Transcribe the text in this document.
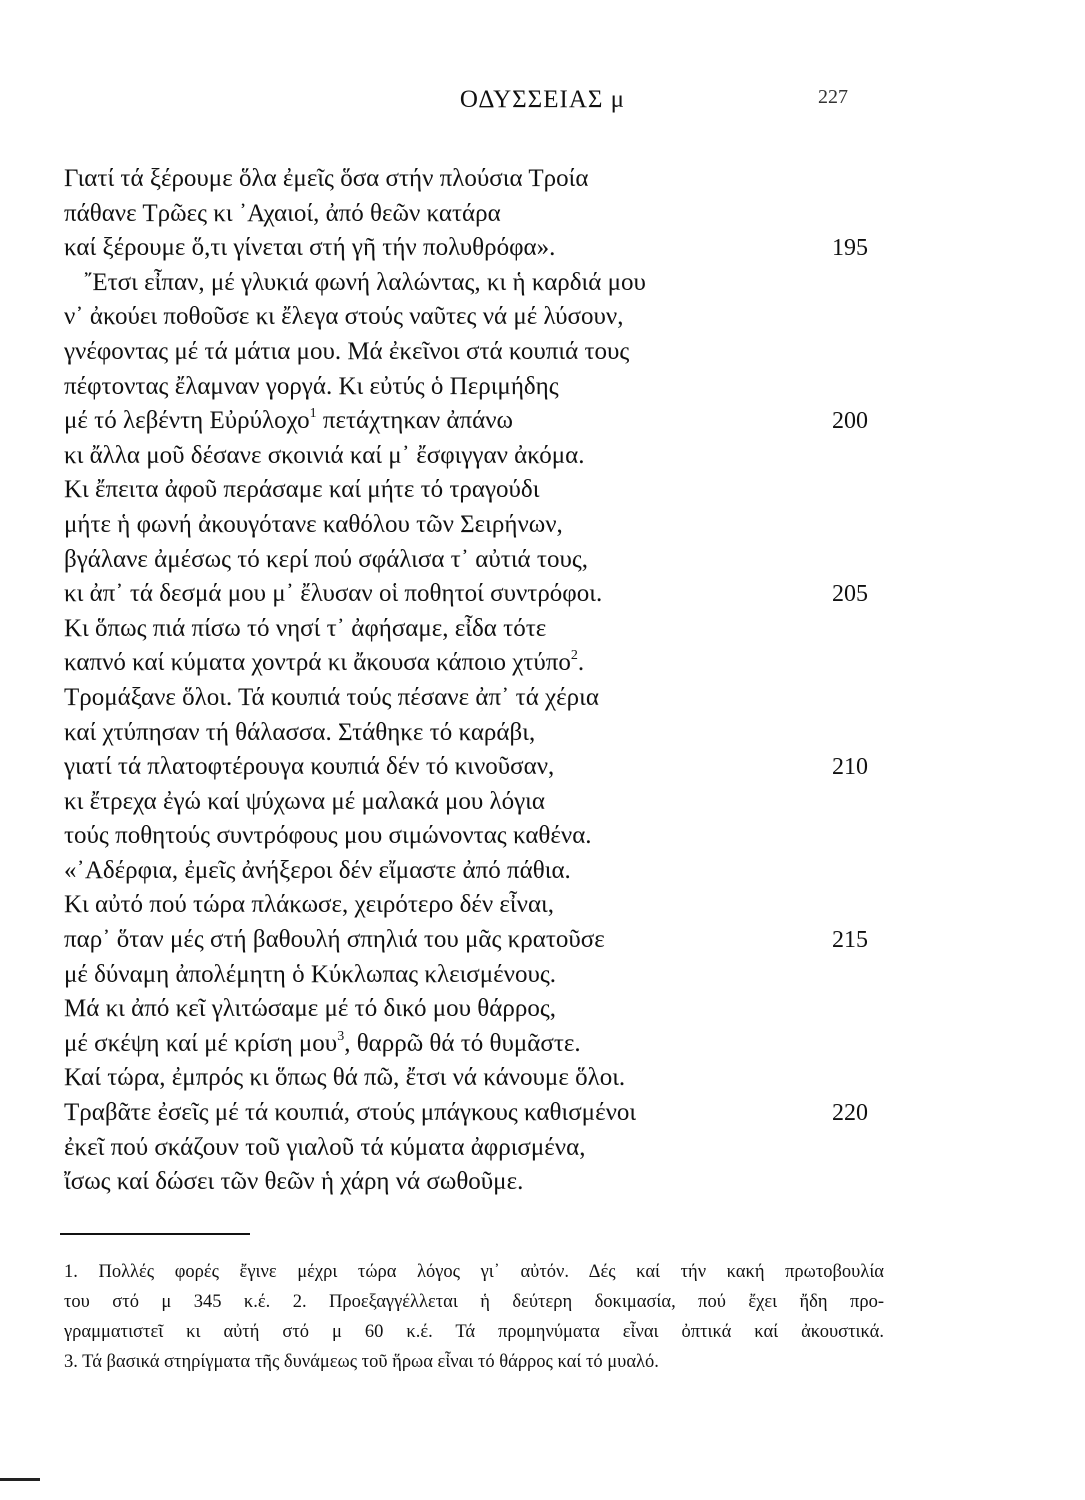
ΟΔΥΣΣΕΙΑΣ μ	227
Γιατί τά ξέρουμε ὅλα ἐμεῖς ὅσα στήν πλούσια Τροία
πάθανε Τρῶες κι ᾿Αχαιοί, ἀπό θεῶν κατάρα
καί ξέρουμε ὅ,τι γίνεται στή γῆ τήν πολυθρόφα».	195
῎Ετσι εἶπαν, μέ γλυκιά φωνή λαλώντας, κι ἡ καρδιά μου
ν᾿ ἀκούει ποθοῦσε κι ἔλεγα στούς ναῦτες νά μέ λύσουν,
γνέφοντας μέ τά μάτια μου. Μά ἐκεῖνοι στά κουπιά τους
πέφτοντας ἔλαμναν γοργά. Κι εὐτύς ὁ Περιμήδης
μέ τό λεβέντη Εὐρύλοχο$^1$ πετάχτηκαν ἀπάνω	200
κι ἄλλα μοῦ δέσανε σκοινιά καί μ᾿ ἔσφιγγαν ἀκόμα.
Κι ἔπειτα ἀφοῦ περάσαμε καί μήτε τό τραγούδι
μήτε ἡ φωνή ἀκουγότανε καθόλου τῶν Σειρήνων,
βγάλανε ἀμέσως τό κερί πού σφάλισα τ᾿ αὐτιά τους,
κι ἀπ᾿ τά δεσμά μου μ᾿ ἔλυσαν οἱ ποθητοί συντρόφοι.	205
Κι ὅπως πιά πίσω τό νησί τ᾿ ἀφήσαμε, εἶδα τότε
καπνό καί κύματα χοντρά κι ἄκουσα κάποιο χτύπο$^2$.
Τρομάξανε ὅλοι. Τά κουπιά τούς πέσανε ἀπ᾿ τά χέρια
καί χτύπησαν τή θάλασσα. Στάθηκε τό καράβι,
γιατί τά πλατοφτέρουγα κουπιά δέν τό κινοῦσαν,	210
κι ἔτρεχα ἐγώ καί ψύχωνα μέ μαλακά μου λόγια
τούς ποθητούς συντρόφους μου σιμώνοντας καθένα.
«᾿Αδέρφια, ἐμεῖς ἀνήξεροι δέν εἴμαστε ἀπό πάθια.
Κι αὐτό πού τώρα πλάκωσε, χειρότερο δέν εἶναι,
παρ᾿ ὅταν μές στή βαθουλή σπηλιά του μᾶς κρατοῦσε	215
μέ δύναμη ἀπολέμητη ὁ Κύκλωπας κλεισμένους.
Μά κι ἀπό κεῖ γλιτώσαμε μέ τό δικό μου θάρρος,
μέ σκέψη καί μέ κρίση μου$^3$, θαρρῶ θά τό θυμᾶστε.
Καί τώρα, ἐμπρός κι ὅπως θά πῶ, ἔτσι νά κάνουμε ὅλοι.
Τραβᾶτε ἐσεῖς μέ τά κουπιά, στούς μπάγκους καθισμένοι	220
ἐκεῖ πού σκάζουν τοῦ γιαλοῦ τά κύματα ἀφρισμένα,
ἴσως καί δώσει τῶν θεῶν ἡ χάρη νά σωθοῦμε.
1. Πολλές φορές ἔγινε μέχρι τώρα λόγος γι᾿ αὐτόν. Δές καί τήν κακή πρωτοβουλία
του στό μ 345 κ.έ. 2. Προεξαγγέλλεται ἡ δεύτερη δοκιμασία, πού ἔχει ἤδη προ-
γραμματιστεῖ κι αὐτή στό μ 60 κ.έ. Τά προμηνύματα εἶναι ὀπτικά καί ἀκουστικά.
3. Τά βασικά στηρίγματα τῆς δυνάμεως τοῦ ἥρωα εἶναι τό θάρρος καί τό μυαλό.
